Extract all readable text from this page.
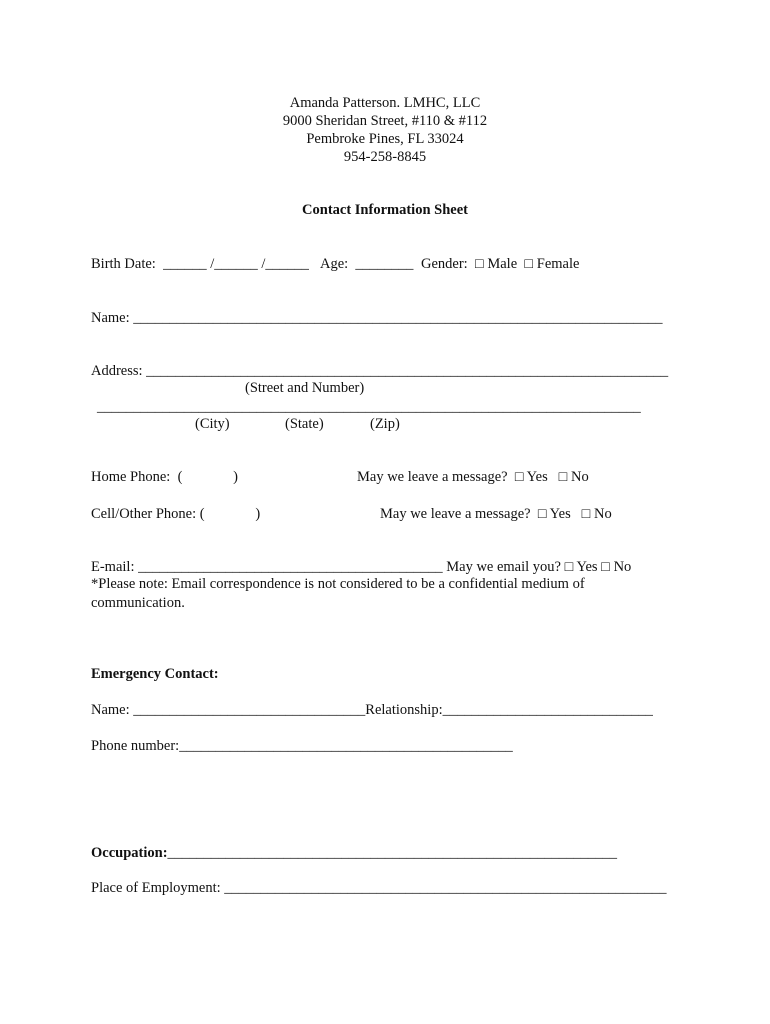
Amanda Patterson. LMHC, LLC
9000 Sheridan Street, #110 & #112
Pembroke Pines, FL 33024
954-258-8845
Contact Information Sheet
Birth Date:  ______ /______ /______ Age:  ________ Gender:  □ Male  □ Female
Name: _________________________________________________________________________
Address: ________________________________________________________________________
(Street and Number)
___________________________________________________________________________
(City)	(State)	(Zip)
Home Phone:  (              )	May we leave a message?  □ Yes   □ No
Cell/Other Phone: (              )	May we leave a message?  □ Yes   □ No
E-mail: __________________________________________ May we email you? □ Yes □ No
*Please note: Email correspondence is not considered to be a confidential medium of
communication.
Emergency Contact:
Name: ________________________________Relationship:_____________________________
Phone number:______________________________________________
Occupation:______________________________________________________________
Place of Employment: _____________________________________________________________
